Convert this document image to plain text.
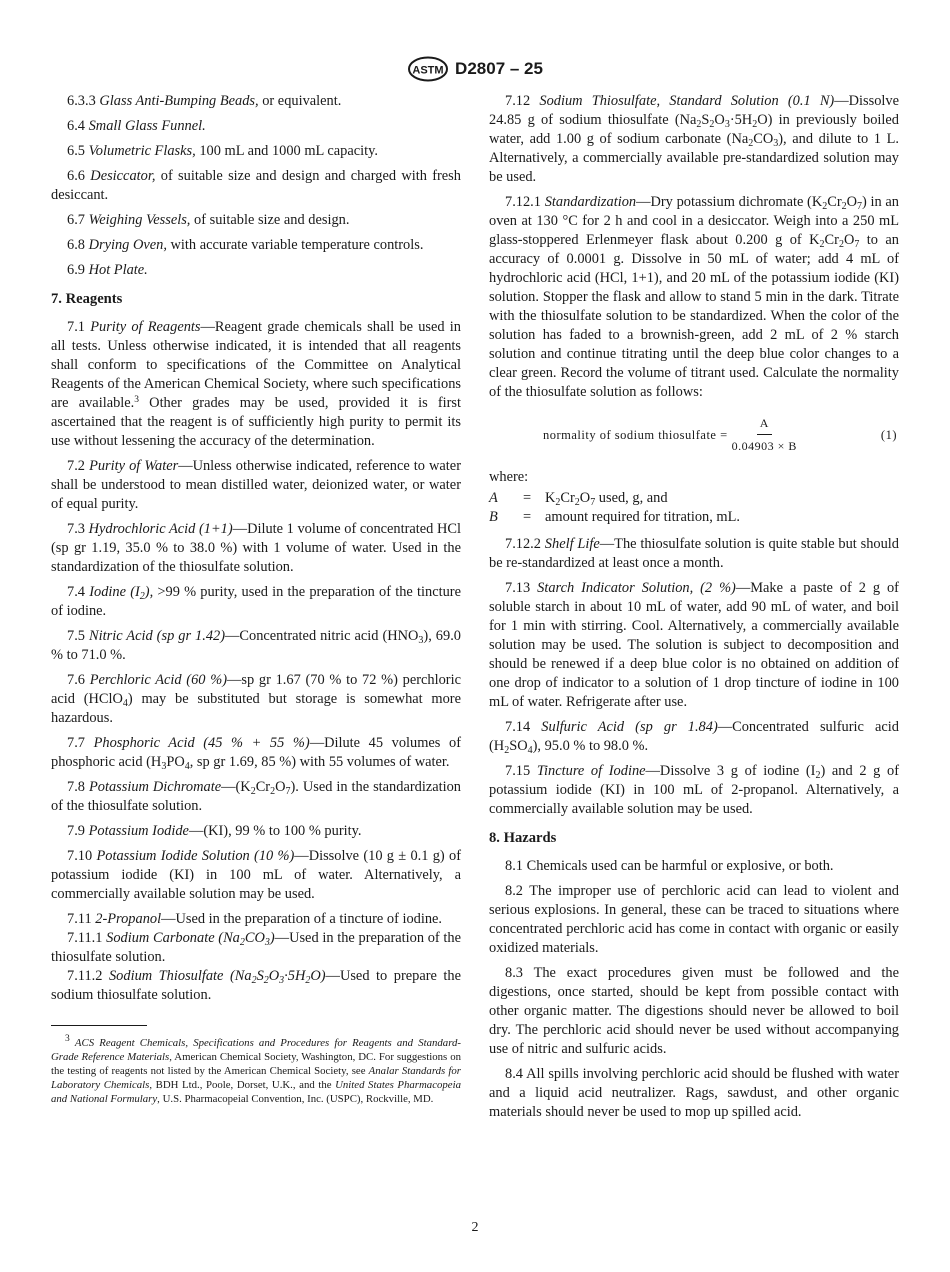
ASTM D2807 – 25

6.3.3 Glass Anti-Bumping Beads, or equivalent.

6.4 Small Glass Funnel.

6.5 Volumetric Flasks, 100 mL and 1000 mL capacity.

6.6 Desiccator, of suitable size and design and charged with fresh desiccant.

6.7 Weighing Vessels, of suitable size and design.

6.8 Drying Oven, with accurate variable temperature controls.

6.9 Hot Plate.

7. Reagents

7.1 Purity of Reagents—Reagent grade chemicals shall be used in all tests. Unless otherwise indicated, it is intended that all reagents shall conform to specifications of the Committee on Analytical Reagents of the American Chemical Society, where such specifications are available.$^3$ Other grades may be used, provided it is first ascertained that the reagent is of sufficiently high purity to permit its use without lessening the accuracy of the determination.

7.2 Purity of Water—Unless otherwise indicated, reference to water shall be understood to mean distilled water, deionized water, or water of equal purity.

7.3 Hydrochloric Acid (1+1)—Dilute 1 volume of concentrated HCl (sp gr 1.19, 35.0 % to 38.0 %) with 1 volume of water. Used in the standardization of the thiosulfate solution.

7.4 Iodine $(I_2)$, >99 % purity, used in the preparation of the tincture of iodine.

7.5 Nitric Acid (sp gr 1.42)—Concentrated nitric acid $(HNO_3)$, 69.0 % to 71.0 %.

7.6 Perchloric Acid (60 %)—sp gr 1.67 (70 % to 72 %) perchloric acid (HClO$_4$) may be substituted but storage is somewhat more hazardous.

7.7 Phosphoric Acid (45 % + 55 %)—Dilute 45 volumes of phosphoric acid ($H_3PO_4$, sp gr 1.69, 85 %) with 55 volumes of water.

7.8 Potassium $Dichromate—(K_2Cr_2O_7)$. Used in the standardization of the thiosulfate solution.

7.9 Potassium Iodide—(KI), 99 % to 100 % purity.

7.10 Potassium Iodide Solution (10 %)—Dissolve (10 g ± 0.1 g) of potassium iodide (KI) in 100 mL of water. Alternatively, a commercially available solution may be used.

7.11 2-Propanol—Used in the preparation of a tincture of iodine.

7.11.1 Sodium Carbonate $(Na_2CO_3)—Used$ in the preparation of the thiosulfate solution.

7.11.2 Sodium Thiosulfate $(Na_2S_2O_3\cdot 5H_2O)—Used$ to prepare the sodium thiosulfate solution.

$^3$ ACS Reagent Chemicals, Specifications and Procedures for Reagents and Standard-Grade Reference Materials, American Chemical Society, Washington, DC. For suggestions on the testing of reagents not listed by the American Chemical Society, see Analar Standards for Laboratory Chemicals, BDH Ltd., Poole, Dorset, U.K., and the United States Pharmacopeia and National Formulary, U.S. Pharmacopeial Convention, Inc. (USPC), Rockville, MD.

7.12 Sodium Thiosulfate, Standard Solution (0.1 N)—Dissolve 24.85 g of sodium thiosulfate $(Na_2S_2O_3\cdot 5H_2O)$ in previously boiled water, add 1.00 g of sodium carbonate $(Na_2CO_3)$, and dilute to 1 L. Alternatively, a commercially available pre-standardized solution may be used.

7.12.1 Standardization—Dry potassium dichromate $(K_2Cr_2O_7)$ in an oven at 130 °C for 2 h and cool in a desiccator. Weigh into a 250 mL glass-stoppered Erlenmeyer flask about 0.200 g of $K_2Cr_2O_7$ to an accuracy of 0.0001 g. Dissolve in 50 mL of water; add 4 mL of hydrochloric acid (HCl, 1+1), and 20 mL of the potassium iodide (KI) solution. Stopper the flask and allow to stand 5 min in the dark. Titrate with the thiosulfate solution to be standardized. When the color of the solution has faded to a brownish-green, add 2 mL of 2 % starch solution and continue titrating until the deep blue color changes to a clear green. Record the volume of titrant used. Calculate the normality of the thiosulfate solution as follows:

normality of sodium thiosulfate = $\frac{A}{0.04903 \times B}$	(1)
where:
A	= $K_2Cr_2O_7$ used, g, and
B	= amount required for titration, mL.

7.12.2 Shelf Life—The thiosulfate solution is quite stable but should be re-standardized at least once a month.

7.13 Starch Indicator Solution, (2 %)—Make a paste of 2 g of soluble starch in about 10 mL of water, add 90 mL of water, and boil for 1 min with stirring. Cool. Alternatively, a commercially available solution may be used. The solution is subject to decomposition and should be renewed if a deep blue color is no obtained on addition of one drop of indicator to a solution of 1 drop tincture of iodine in 100 mL of water. Refrigerate after use.

7.14 Sulfuric Acid (sp gr 1.84)—Concentrated sulfuric acid $(H_2SO_4)$, 95.0 % to 98.0 %.

7.15 Tincture of Iodine—Dissolve 3 g of iodine $(I_2)$ and 2 g of potassium iodide (KI) in 100 mL of 2-propanol. Alternatively, a commercially available solution may be used.

8. Hazards

8.1 Chemicals used can be harmful or explosive, or both.

8.2 The improper use of perchloric acid can lead to violent and serious explosions. In general, these can be traced to situations where concentrated perchloric acid has come in contact with organic or easily oxidized materials.

8.3 The exact procedures given must be followed and the digestions, once started, should be kept from possible contact with other organic matter. The digestions should never be allowed to boil dry. The perchloric acid should never be used without accompanying use of nitric and sulfuric acids.

8.4 All spills involving perchloric acid should be flushed with water and a liquid acid neutralizer. Rags, sawdust, and other organic materials should never be used to mop up spilled acid.

2
